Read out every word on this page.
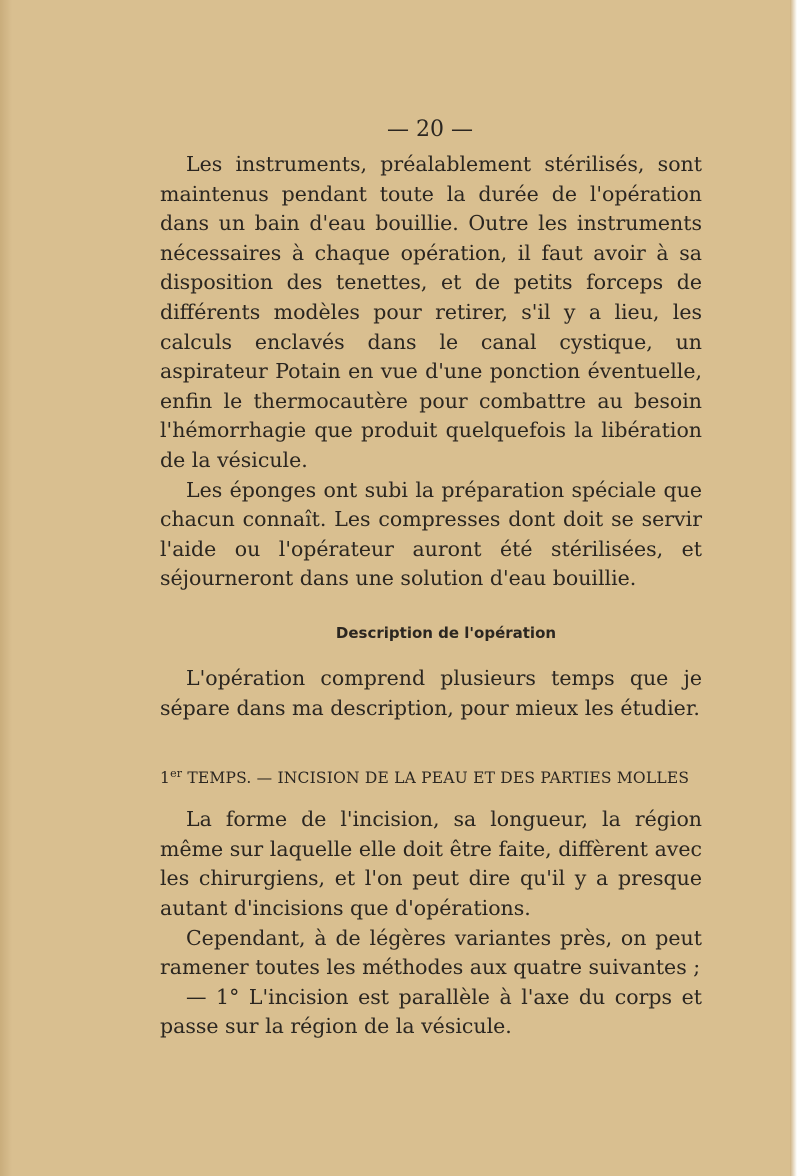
— 20 —

Les instruments, préalablement stérilisés, sont maintenus pendant toute la durée de l'opération dans un bain d'eau bouillie. Outre les instruments nécessaires à chaque opération, il faut avoir à sa disposition des tenettes, et de petits forceps de différents modèles pour retirer, s'il y a lieu, les calculs enclavés dans le canal cystique, un aspirateur Potain en vue d'une ponction éventuelle, enfin le thermocautère pour combattre au besoin l'hémorrhagie que produit quelquefois la libération de la vésicule.

Les éponges ont subi la préparation spéciale que chacun connaît. Les compresses dont doit se servir l'aide ou l'opérateur auront été stérilisées, et séjourneront dans une solution d'eau bouillie.

Description de l'opération

L'opération comprend plusieurs temps que je sépare dans ma description, pour mieux les étudier.

1er TEMPS. — INCISION DE LA PEAU ET DES PARTIES MOLLES

La forme de l'incision, sa longueur, la région même sur laquelle elle doit être faite, diffèrent avec les chirurgiens, et l'on peut dire qu'il y a presque autant d'incisions que d'opérations.

Cependant, à de légères variantes près, on peut ramener toutes les méthodes aux quatre suivantes ;

— 1° L'incision est parallèle à l'axe du corps et passe sur la région de la vésicule.
